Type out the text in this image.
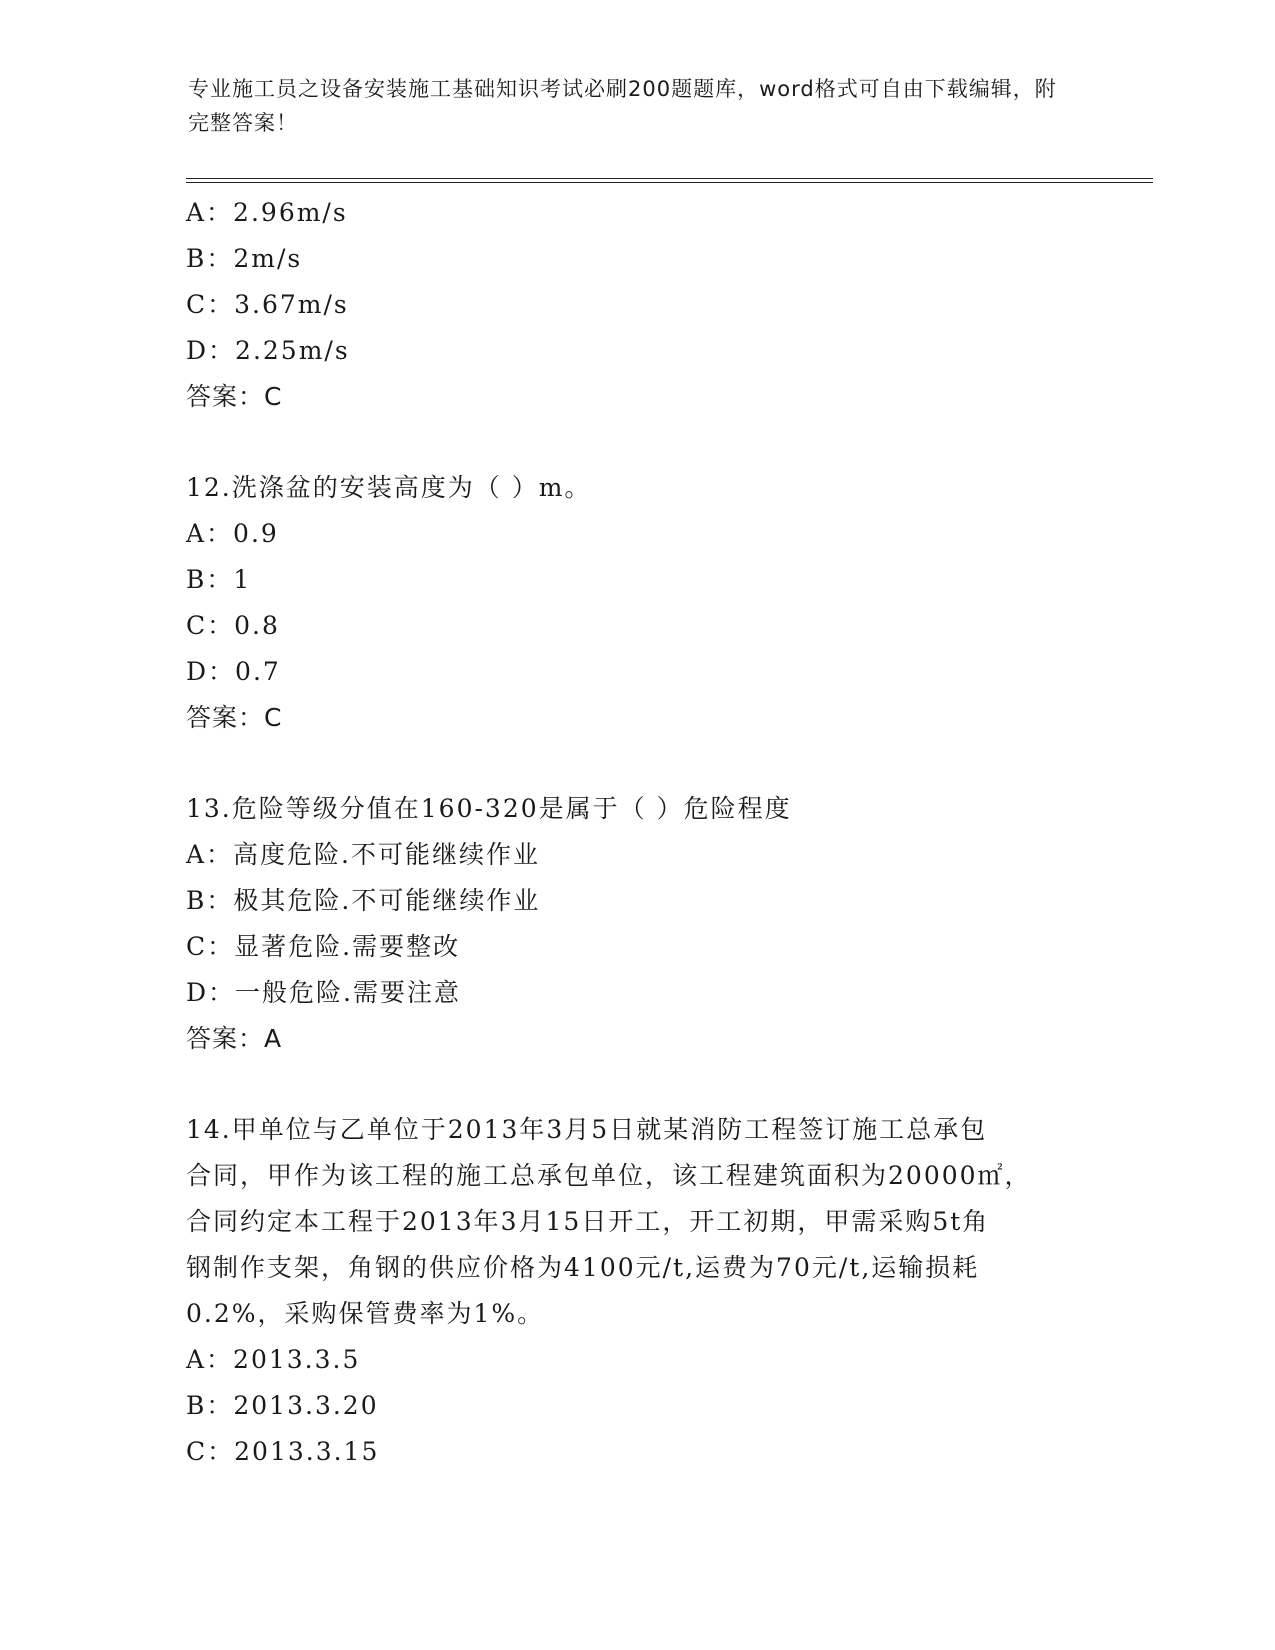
专业施工员之设备安装施工基础知识考试必刷200题题库，word格式可自由下载编辑，附完整答案！
A：2.96m/s
B：2m/s
C：3.67m/s
D：2.25m/s
答案：C
12.洗涤盆的安装高度为（ ）m。
A：0.9
B：1
C：0.8
D：0.7
答案：C
13.危险等级分值在160-320是属于（ ）危险程度
A：高度危险.不可能继续作业
B：极其危险.不可能继续作业
C：显著危险.需要整改
D：一般危险.需要注意
答案：A
14.甲单位与乙单位于2013年3月5日就某消防工程签订施工总承包
合同，甲作为该工程的施工总承包单位，该工程建筑面积为20000㎡，
合同约定本工程于2013年3月15日开工，开工初期，甲需采购5t角
钢制作支架，角钢的供应价格为4100元/t,运费为70元/t,运输损耗
0.2%，采购保管费率为1%。
A：2013.3.5
B：2013.3.20
C：2013.3.15
